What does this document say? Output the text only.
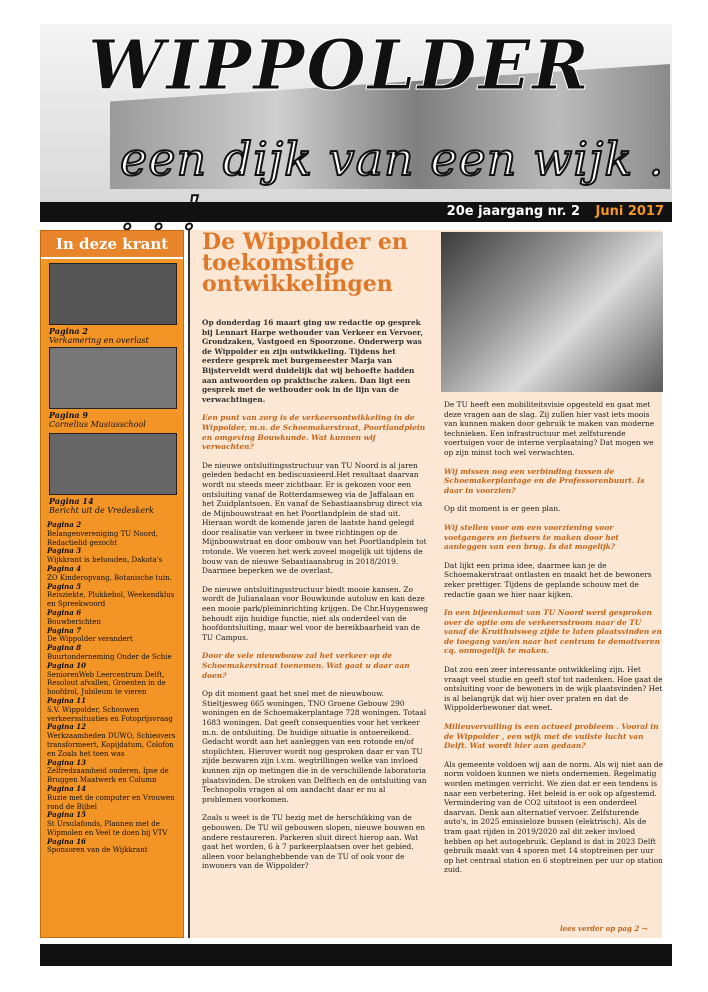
WIPPOLDER
een dijk van een wijk .
20e jaargang nr. 2 Juni 2017
In deze krant
Pagina 2
Verkamering en overlast
Pagina 9
Cornelius Musiusschool
Pagina 14
Bericht uit de Vredeskerk
Pagina 2
Belangenvereniging TU Noord, Redactielid gezocht
Pagina 3
Wijkkrant is behouden, Dakota's
Pagina 4
ZO Kinderopvang, Botanische tuin.
Pagina 5
Reisziekte, Plukkebol, Weekendklus en Spreekwoord
Pagina 6
Bouwberichten
Pagina 7
De Wippolder verandert
Pagina 8
Buurtonderneming Onder de Schie
Pagina 10
SeniorenWeb Leercentrum Delft, Resolout afvallen, Groenten in de hoofdrol, Jubileum te vieren
Pagina 11
S.V. Wippolder, Schouwen verkeerssituaties en Fotoprijsvraag
Pagina 12
Werkzaamheden DUWO, Schieovers transformeert, Kopijdatum, Colofon en Zoals het toen was
Pagina 13
Zelfredzaamheid ouderen, Ipse de Bruggen Maatwerk en Column
Pagina 14
Ruzie met de computer en Vrouwen rond de Bijbel
Pagina 15
St Ursulafonds, Plannen met de Wipmolen en Veel te doen bij VTV
Pagina 16
Sponsoren van de Wijkkrant
De Wippolder en toekomstige ontwikkelingen

Op donderdag 16 maart ging uw redactie op gesprek bij Lennart Harpe wethouder van Verkeer en Vervoer, Grondzaken, Vastgoed en Spoorzone. Onderwerp was de Wippolder en zijn ontwikkeling. Tijdens het eerdere gesprek met burgemeester Marja van Bijsterveldt werd duidelijk dat wij behoefte hadden aan antwoorden op praktische zaken. Dan ligt een gesprek met de wethouder ook in de lijn van de verwachtingen.

Een punt van zorg is de verkeersontwikkeling in de Wippolder, m.n. de Schoemakerstraat, Poortlandplein en omgeving Bouwkunde. Wat kunnen wij verwachten?

De nieuwe ontsluitingsstructuur van TU Noord is al jaren geleden bedacht en bediscussieerd.Het resultaat daarvan wordt nu steeds meer zichtbaar. Er is gekozen voor een ontsluiting vanaf de Rotterdamseweg via de Jaffalaan en het Zuidplantsoen. En vanaf de Sebastiaansbrug direct via de Mijnbouwstraat en het Poortlandplein de stad uit. Hieraan wordt de komende jaren de laatste hand gelegd door realisatie van verkeer in twee richtingen op de Mijnbouwstraat en door ombouw van het Poortlandplein tot rotonde. We voeren het werk zoveel mogelijk uit tijdens de bouw van de nieuwe Sebastiaansbrug in 2018/2019. Daarmee beperken we de overlast.

De nieuwe ontsluitingsstructuur biedt mooie kansen. Zo wordt de Julianalaan voor Bouwkunde autoluw en kan deze een mooie park/pleininrichting krijgen. De Chr.Huygensweg behoudt zijn huidige functie, niet als onderdeel van de hoofdontsluiting, maar wel voor de bereikbaarheid van de TU Campus.

Door de vele nieuwbouw zal het verkeer op de Schoemakerstraat toenemen. Wat gaat u daar aan doen?

Op dit moment gaat het snel met de nieuwbouw. Stieltjesweg 665 woningen, TNO Groene Gebouw 290 woningen en de Schoemakerplantage 728 woningen. Totaal 1683 woningen. Dat geeft consequenties voor het verkeer m.n. de ontsluiting. De huidige situatie is ontoereikend. Gedacht wordt aan het aanleggen van een rotonde en/of stoplichten. Hierover wordt nog gesproken daar er van TU zijde bezwaren zijn i.v.m. wegtrillingen welke van invloed kunnen zijn op metingen die in de verschillende laboratoria plaatsvinden. De stroken van Delftech en de ontsluiting van Technopolis vragen al om aandacht daar er nu al problemen voorkomen.

Zoals u weet is de TU bezig met de herschikking van de gebouwen. De TU wil gebouwen slopen, nieuwe bouwen en andere restaureren. Parkeren sluit direct hierop aan. Wat gaat het worden, 6 à 7 parkeerplaatsen over het gebied, alleen voor belanghebbende van de TU of ook voor de inwoners van de Wippolder?

De TU heeft een mobiliteitsvisie opgesteld en gaat met deze vragen aan de slag. Zij zullen hier vast iets moois van kunnen maken door gebruik te maken van moderne technieken. Een infrastructuur met zelfsturende voertuigen voor de interne verplaatsing? Dat mogen we op zijn minst toch wel verwachten.

Wij missen nog een verbinding tussen de Schoemakerplantage en de Professorenbuurt. Is daar in voorzien?

Op dit moment is er geen plan.

Wij stellen voor om een voorziening voor voetgangers en fietsers te maken door het aanleggen van een brug. Is dat mogelijk?

Dat lijkt een prima idee, daarmee kan je de Schoemakerstraat ontlasten en maakt het de bewoners zeker prettiger. Tijdens de geplande schouw met de redactie gaan we hier naar kijken.

In een bijeenkomst van TU Noord werd gesproken over de optie om de verkeersstroom naar de TU vanaf de Kruithuisweg zijde te laten plaatsvinden en de toegang van/en naar het centrum te demotiveren cq. onmogelijk te maken.

Dat zou een zeer interessante ontwikkeling zijn. Het vraagt veel studie en geeft stof tot nadenken. Hoe gaat de ontsluiting voor de bewoners in de wijk plaatsvinden? Het is al belangrijk dat wij hier over praten en dat de Wippolderbewoner dat weet.

Milieuvervuiling is een actueel probleem . Vooral in de Wippolder , een wijk met de vuilste lucht van Delft. Wat wordt hier aan gedaan?

Als gemeente voldoen wij aan de norm. Als wij niet aan de norm voldoen kunnen we niets ondernemen. Regelmatig worden metingen verricht. We zien dat er een tendens is naar een verbetering. Het beleid is er ook op afgestemd. Vermindering van de CO2 uitstoot is een onderdeel daarvan. Denk aan alternatief vervoer. Zelfsturende auto's, in 2025 emissieloze bussen (elektrisch). Als de tram gaat rijden in 2019/2020 zal dit zeker invloed hebben op het autogebruik. Gepland is dat in 2023 Delft gebruik maakt van 4 sporen met 14 stoptreinen per uur op het centraal station en 6 stoptreinen per uur op station zuid.

lees verder op pag 2 →
